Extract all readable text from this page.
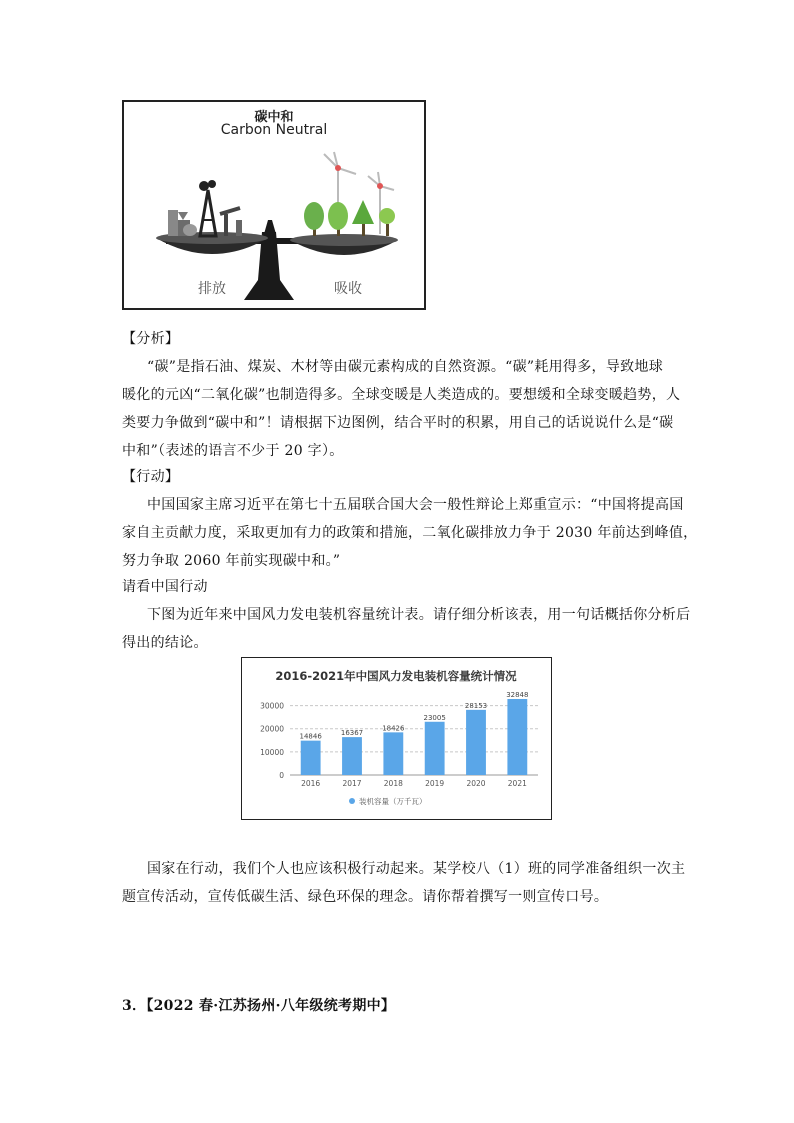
碳中和
Carbon Neutral
排放	吸收
【分析】
“碳”是指石油、煤炭、木材等由碳元素构成的自然资源。“碳”耗用得多，导致地球
暖化的元凶“二氧化碳”也制造得多。全球变暖是人类造成的。要想缓和全球变暖趋势，人
类要力争做到“碳中和”！请根据下边图例，结合平时的积累，用自己的话说说什么是“碳
中和”（表述的语言不少于 20 字）。
【行动】
中国国家主席习近平在第七十五届联合国大会一般性辩论上郑重宣示：“中国将提高国
家自主贡献力度，采取更加有力的政策和措施，二氧化碳排放力争于 2030 年前达到峰值，
努力争取 2060 年前实现碳中和。”
请看中国行动
下图为近年来中国风力发电装机容量统计表。请仔细分析该表，用一句话概括你分析后
得出的结论。
2016-2021年中国风力发电装机容量统计情况
0
10000
20000
30000
14846
2016
16367
2017
18426
2018
23005
2019
28153
2020
32848
2021
装机容量（万千瓦）
国家在行动，我们个人也应该积极行动起来。某学校八（1）班的同学准备组织一次主
题宣传活动，宣传低碳生活、绿色环保的理念。请你帮着撰写一则宣传口号。
3．【2022 春·江苏扬州·八年级统考期中】
